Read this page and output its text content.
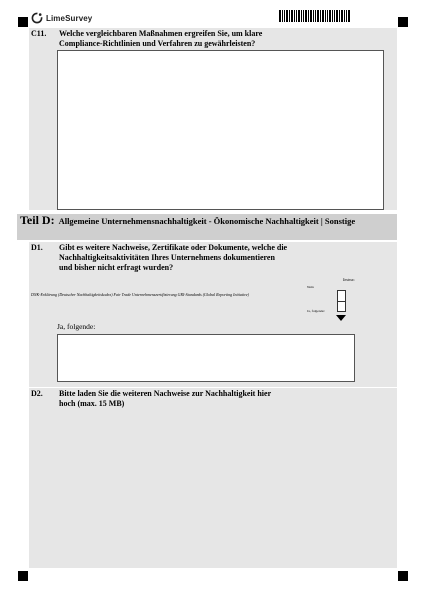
LimeSurvey
C11. Welche vergleichbaren Maßnahmen ergreifen Sie, um klare Compliance-Richtlinien und Verfahren zu gewährleisten?
Teil D: Allgemeine Unternehmensnachhaltigkeit - Ökonomische Nachhaltigkeit | Sonstige
D1. Gibt es weitere Nachweise, Zertifikate oder Dokumente, welche die Nachhaltigkeitsaktivitäten Ihres Unternehmens dokumentieren und bisher nicht erfragt wurden?
Instruc.
DNK-Erklärung (Deutscher Nachhaltigkeitskodex) Fair Trade Unternehmenszertifizierung GRI-Standards (Global Reporting Initiative)
Nein
Ja, folgende:
Ja, folgende:
D2. Bitte laden Sie die weiteren Nachweise zur Nachhaltigkeit hier hoch (max. 15 MB)
